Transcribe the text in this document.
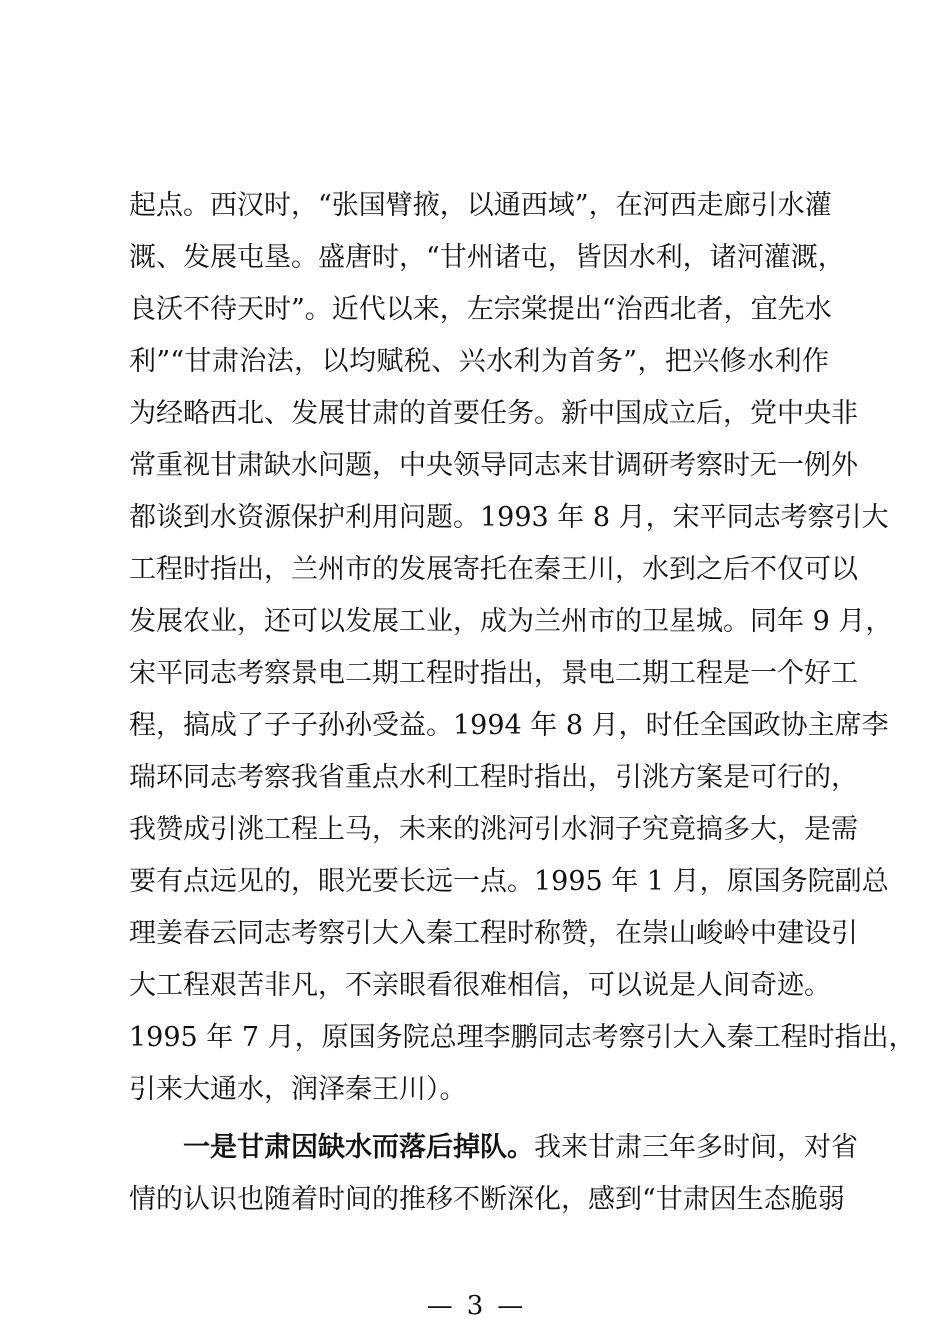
起点。西汉时，“张国臂掖，以通西域”，在河西走廊引水灌
溉、发展屯垦。盛唐时，“甘州诸屯，皆因水利，诸河灌溉，
良沃不待天时”。近代以来，左宗棠提出“治西北者，宜先水
利”“甘肃治法，以均赋税、兴水利为首务”，把兴修水利作
为经略西北、发展甘肃的首要任务。新中国成立后，党中央非
常重视甘肃缺水问题，中央领导同志来甘调研考察时无一例外
都谈到水资源保护利用问题。1993 年 8 月，宋平同志考察引大
工程时指出，兰州市的发展寄托在秦王川，水到之后不仅可以
发展农业，还可以发展工业，成为兰州市的卫星城。同年 9 月，
宋平同志考察景电二期工程时指出，景电二期工程是一个好工
程，搞成了子子孙孙受益。1994 年 8 月，时任全国政协主席李
瑞环同志考察我省重点水利工程时指出，引洮方案是可行的，
我赞成引洮工程上马，未来的洮河引水洞子究竟搞多大，是需
要有点远见的，眼光要长远一点。1995 年 1 月，原国务院副总
理姜春云同志考察引大入秦工程时称赞，在崇山峻岭中建设引
大工程艰苦非凡，不亲眼看很难相信，可以说是人间奇迹。
1995 年 7 月，原国务院总理李鹏同志考察引大入秦工程时指出，
引来大通水，润泽秦王川）。
一是甘肃因缺水而落后掉队。我来甘肃三年多时间，对省
情的认识也随着时间的推移不断深化，感到“甘肃因生态脆弱
— 3 —
